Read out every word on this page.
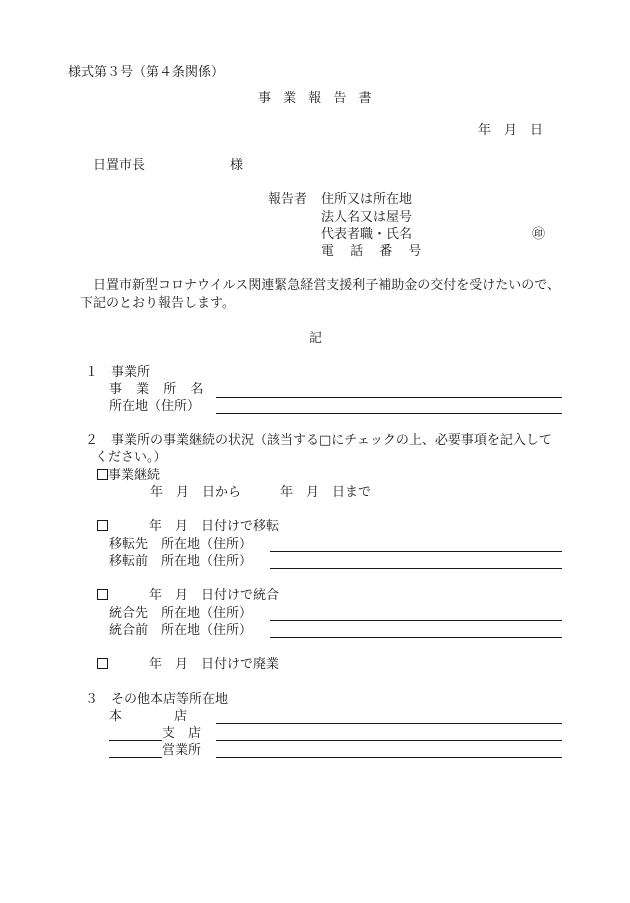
様式第３号（第４条関係）
事 業 報 告 書
年　月　日
日置市長	様
報告者 住所又は所在地
法人名又は屋号
代表者職・氏名	㊞
電 話 番 号
日置市新型コロナウイルス関連緊急経営支援利子補助金の交付を受けたいので、
下記のとおり報告します。
記
１　事業所
事 業 所 名
所在地（住所）
２　事業所の事業継続の状況（該当する□にチェックの上、必要事項を記入して
ください。）
事業継続
年　月　日から　　　年　月　日まで
年　月　日付けで移転
移転先　所在地（住所）
移転前　所在地（住所）
年　月　日付けで統合
統合先　所在地（住所）
統合前　所在地（住所）
年　月　日付けで廃業
３　その他本店等所在地
本　　　　店
支　店
営業所
